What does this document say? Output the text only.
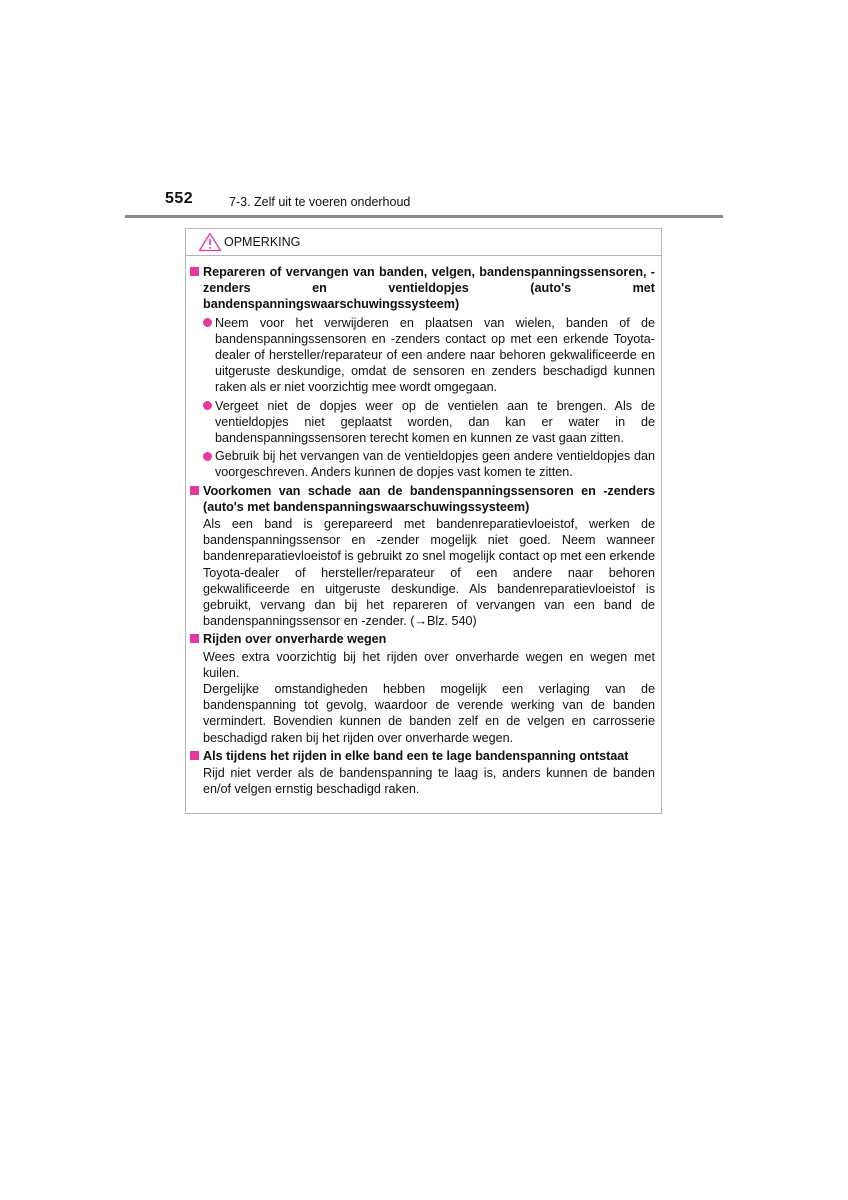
552	7-3. Zelf uit te voeren onderhoud
OPMERKING
Repareren of vervangen van banden, velgen, bandenspanningssensoren, -zenders en ventieldopjes (auto's met bandenspanningswaarschuwingssysteem)
Neem voor het verwijderen en plaatsen van wielen, banden of de bandenspanningssensoren en -zenders contact op met een erkende Toyota-dealer of hersteller/reparateur of een andere naar behoren gekwalificeerde en uitgeruste deskundige, omdat de sensoren en zenders beschadigd kunnen raken als er niet voorzichtig mee wordt omgegaan.
Vergeet niet de dopjes weer op de ventielen aan te brengen. Als de ventieldopjes niet geplaatst worden, dan kan er water in de bandenspanningssensoren terecht komen en kunnen ze vast gaan zitten.
Gebruik bij het vervangen van de ventieldopjes geen andere ventieldopjes dan voorgeschreven. Anders kunnen de dopjes vast komen te zitten.
Voorkomen van schade aan de bandenspanningssensoren en -zenders (auto's met bandenspanningswaarschuwingssysteem)
Als een band is gerepareerd met bandenreparatievloeistof, werken de bandenspanningssensor en -zender mogelijk niet goed. Neem wanneer bandenreparatievloeistof is gebruikt zo snel mogelijk contact op met een erkende Toyota-dealer of hersteller/reparateur of een andere naar behoren gekwalificeerde en uitgeruste deskundige. Als bandenreparatievloeistof is gebruikt, vervang dan bij het repareren of vervangen van een band de bandenspanningssensor en -zender. (→Blz. 540)
Rijden over onverharde wegen
Wees extra voorzichtig bij het rijden over onverharde wegen en wegen met kuilen.
Dergelijke omstandigheden hebben mogelijk een verlaging van de bandenspanning tot gevolg, waardoor de verende werking van de banden vermindert. Bovendien kunnen de banden zelf en de velgen en carrosserie beschadigd raken bij het rijden over onverharde wegen.
Als tijdens het rijden in elke band een te lage bandenspanning ontstaat
Rijd niet verder als de bandenspanning te laag is, anders kunnen de banden en/of velgen ernstig beschadigd raken.
